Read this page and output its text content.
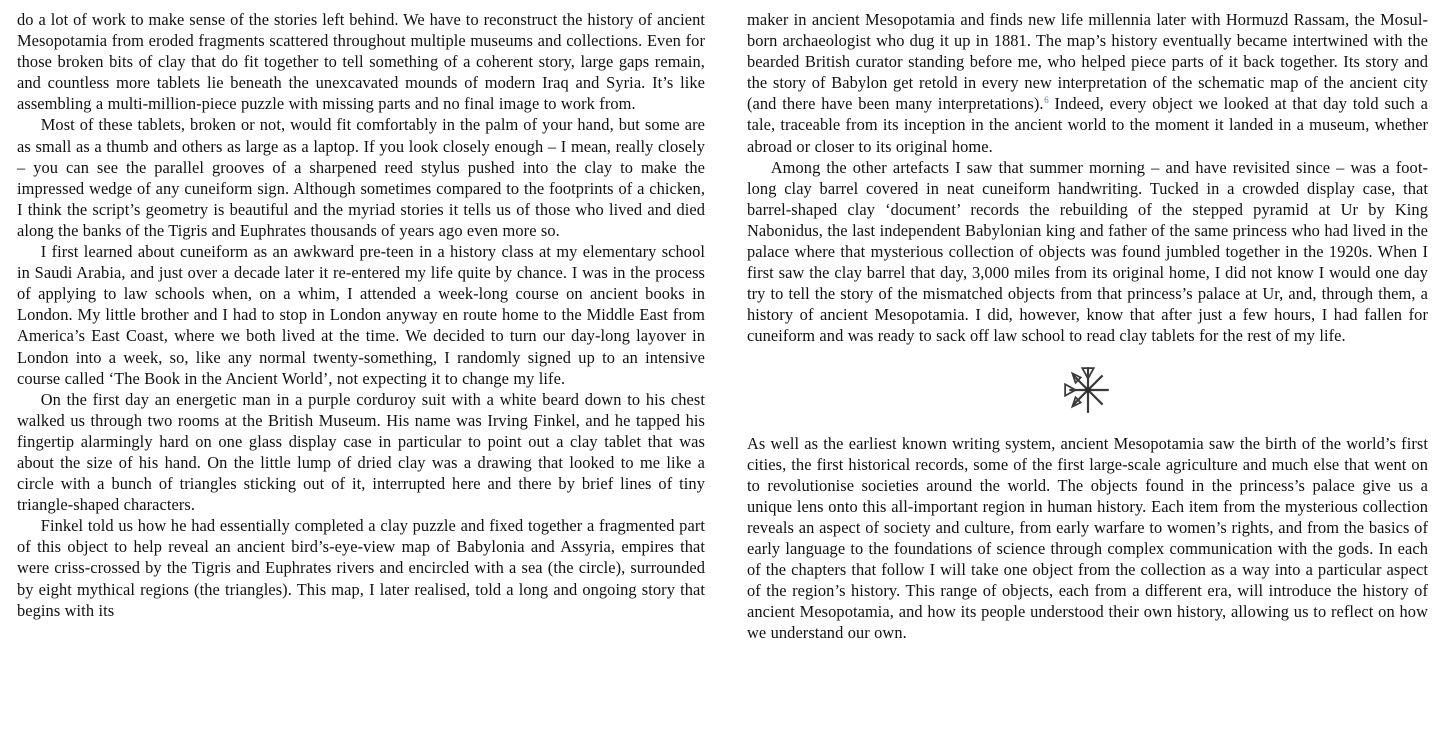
do a lot of work to make sense of the stories left behind. We have to reconstruct the history of ancient Mesopotamia from eroded fragments scattered throughout multiple museums and collections. Even for those broken bits of clay that do fit together to tell something of a coherent story, large gaps remain, and countless more tablets lie beneath the unexcavated mounds of modern Iraq and Syria. It’s like assembling a multi-million-piece puzzle with missing parts and no final image to work from.

Most of these tablets, broken or not, would fit comfortably in the palm of your hand, but some are as small as a thumb and others as large as a laptop. If you look closely enough – I mean, really closely – you can see the parallel grooves of a sharpened reed stylus pushed into the clay to make the impressed wedge of any cuneiform sign. Although sometimes compared to the footprints of a chicken, I think the script’s geometry is beautiful and the myriad stories it tells us of those who lived and died along the banks of the Tigris and Euphrates thousands of years ago even more so.

I first learned about cuneiform as an awkward pre-teen in a history class at my elementary school in Saudi Arabia, and just over a decade later it re-entered my life quite by chance. I was in the process of applying to law schools when, on a whim, I attended a week-long course on ancient books in London. My little brother and I had to stop in London anyway en route home to the Middle East from America’s East Coast, where we both lived at the time. We decided to turn our day-long layover in London into a week, so, like any normal twenty-something, I randomly signed up to an intensive course called ‘The Book in the Ancient World’, not expecting it to change my life.

On the first day an energetic man in a purple corduroy suit with a white beard down to his chest walked us through two rooms at the British Museum. His name was Irving Finkel, and he tapped his fingertip alarmingly hard on one glass display case in particular to point out a clay tablet that was about the size of his hand. On the little lump of dried clay was a drawing that looked to me like a circle with a bunch of triangles sticking out of it, interrupted here and there by brief lines of tiny triangle-shaped characters.

Finkel told us how he had essentially completed a clay puzzle and fixed together a fragmented part of this object to help reveal an ancient bird’s-eye-view map of Babylonia and Assyria, empires that were criss-crossed by the Tigris and Euphrates rivers and encircled with a sea (the circle), surrounded by eight mythical regions (the triangles). This map, I later realised, told a long and ongoing story that begins with its

maker in ancient Mesopotamia and finds new life millennia later with Hormuzd Rassam, the Mosul-born archaeologist who dug it up in 1881. The map’s history eventually became intertwined with the bearded British curator standing before me, who helped piece parts of it back together. Its story and the story of Babylon get retold in every new interpretation of the schematic map of the ancient city (and there have been many interpretations).$^6$ Indeed, every object we looked at that day told such a tale, traceable from its inception in the ancient world to the moment it landed in a museum, whether abroad or closer to its original home.

Among the other artefacts I saw that summer morning – and have revisited since – was a foot-long clay barrel covered in neat cuneiform handwriting. Tucked in a crowded display case, that barrel-shaped clay ‘document’ records the rebuilding of the stepped pyramid at Ur by King Nabonidus, the last independent Babylonian king and father of the same princess who had lived in the palace where that mysterious collection of objects was found jumbled together in the 1920s. When I first saw the clay barrel that day, 3,000 miles from its original home, I did not know I would one day try to tell the story of the mismatched objects from that princess’s palace at Ur, and, through them, a history of ancient Mesopotamia. I did, however, know that after just a few hours, I had fallen for cuneiform and was ready to sack off law school to read clay tablets for the rest of my life.

As well as the earliest known writing system, ancient Mesopotamia saw the birth of the world’s first cities, the first historical records, some of the first large-scale agriculture and much else that went on to revolutionise societies around the world. The objects found in the princess’s palace give us a unique lens onto this all-important region in human history. Each item from the mysterious collection reveals an aspect of society and culture, from early warfare to women’s rights, and from the basics of early language to the foundations of science through complex communication with the gods. In each of the chapters that follow I will take one object from the collection as a way into a particular aspect of the region’s history. This range of objects, each from a different era, will introduce the history of ancient Mesopotamia, and how its people understood their own history, allowing us to reflect on how we understand our own.
